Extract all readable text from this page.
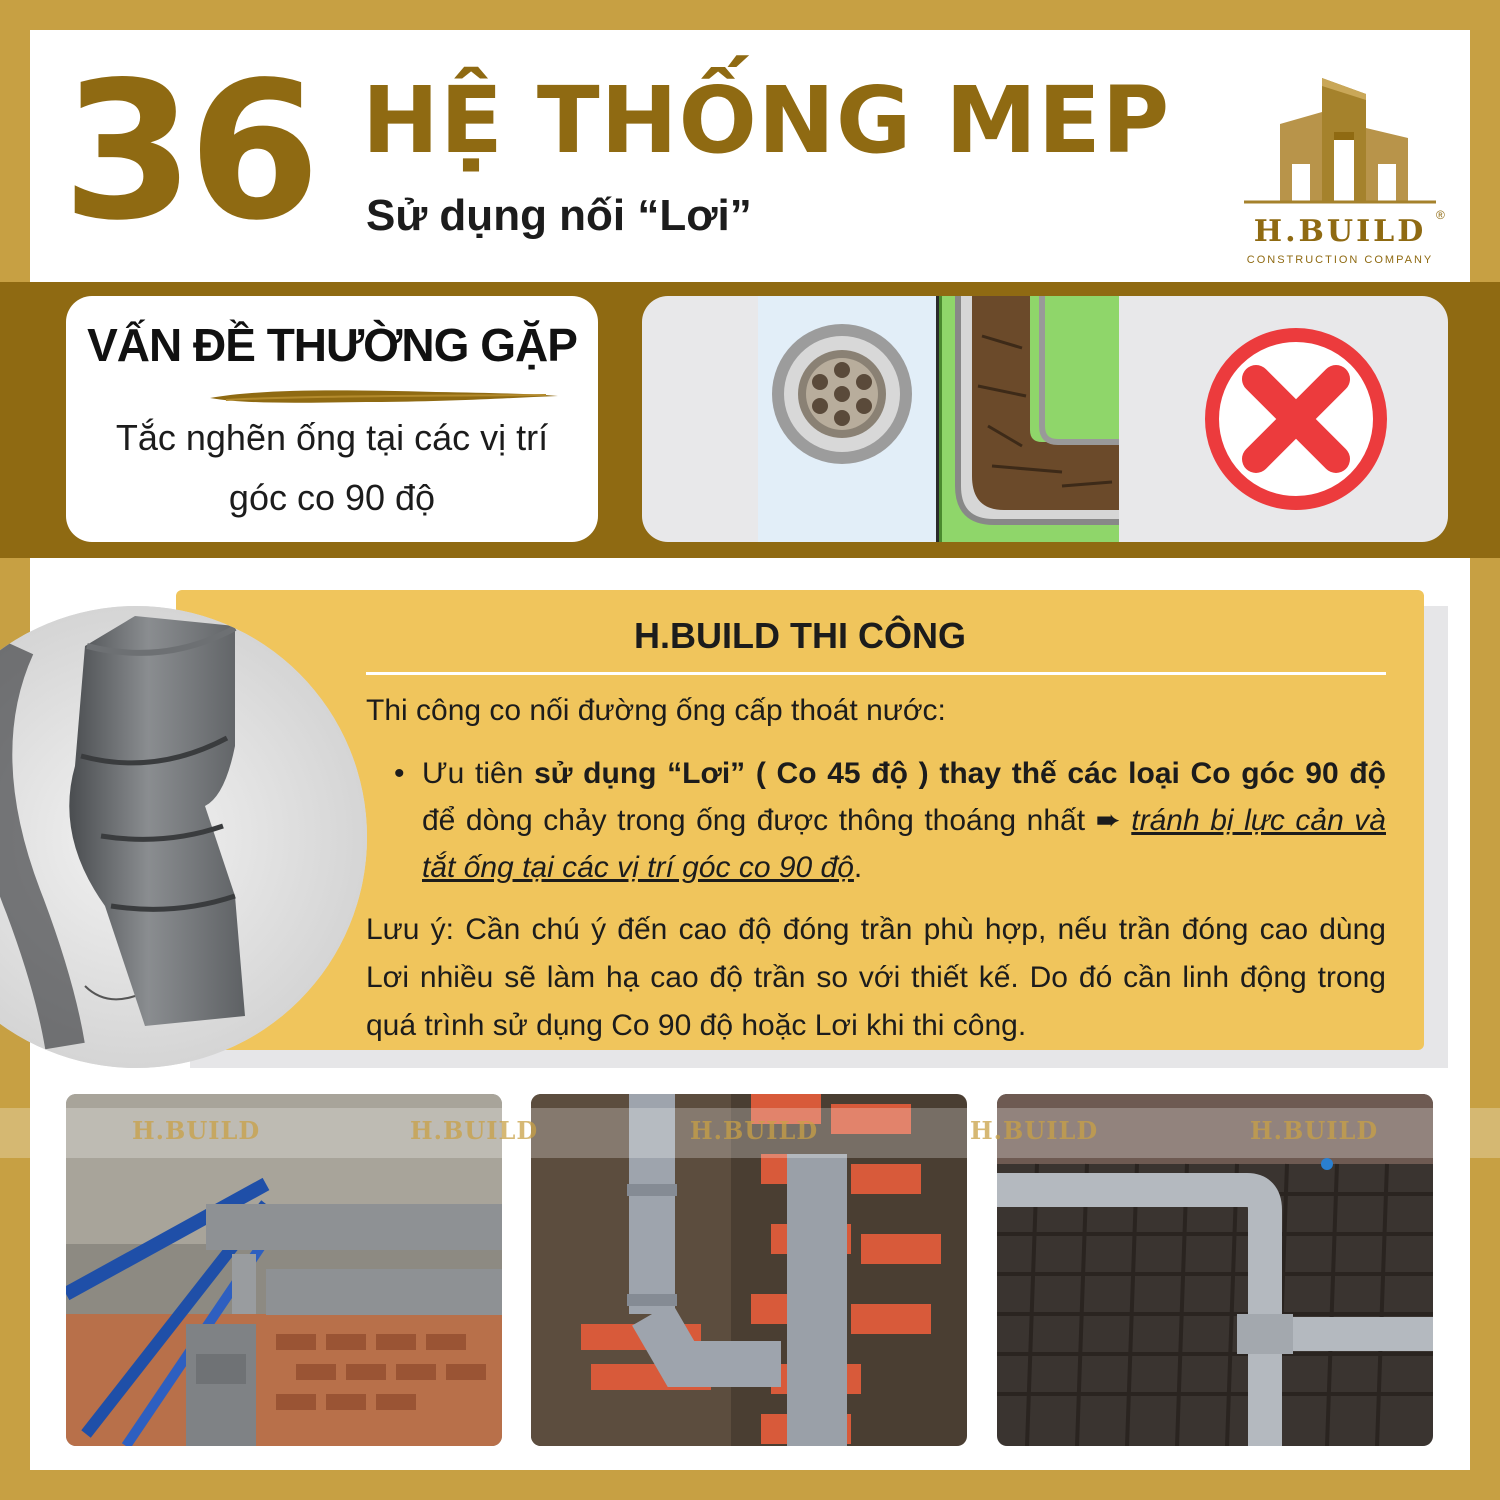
36 HỆ THỐNG MEP
Sử dụng nối “Lơi”	H.BUILD ®
CONSTRUCTION COMPANY
VẤN ĐỀ THƯỜNG GẶP
Tắc nghẽn ống tại các vị trí
góc co 90 độ
H.BUILD THI CÔNG
Thi công co nối đường ống cấp thoát nước:
• Ưu tiên sử dụng “Lơi” ( Co 45 độ ) thay thế các loại Co góc 90 độ để dòng chảy trong ống được thông thoáng nhất ➨ tránh bị lực cản và tắt ống tại các vị trí góc co 90 độ.
Lưu ý: Cần chú ý đến cao độ đóng trần phù hợp, nếu trần đóng cao dùng Lơi nhiều sẽ làm hạ cao độ trần so với thiết kế. Do đó cần linh động trong quá trình sử dụng Co 90 độ hoặc Lơi khi thi công.
H.BUILD	H.BUILD	H.BUILD	H.BUILD	H.BUILD
